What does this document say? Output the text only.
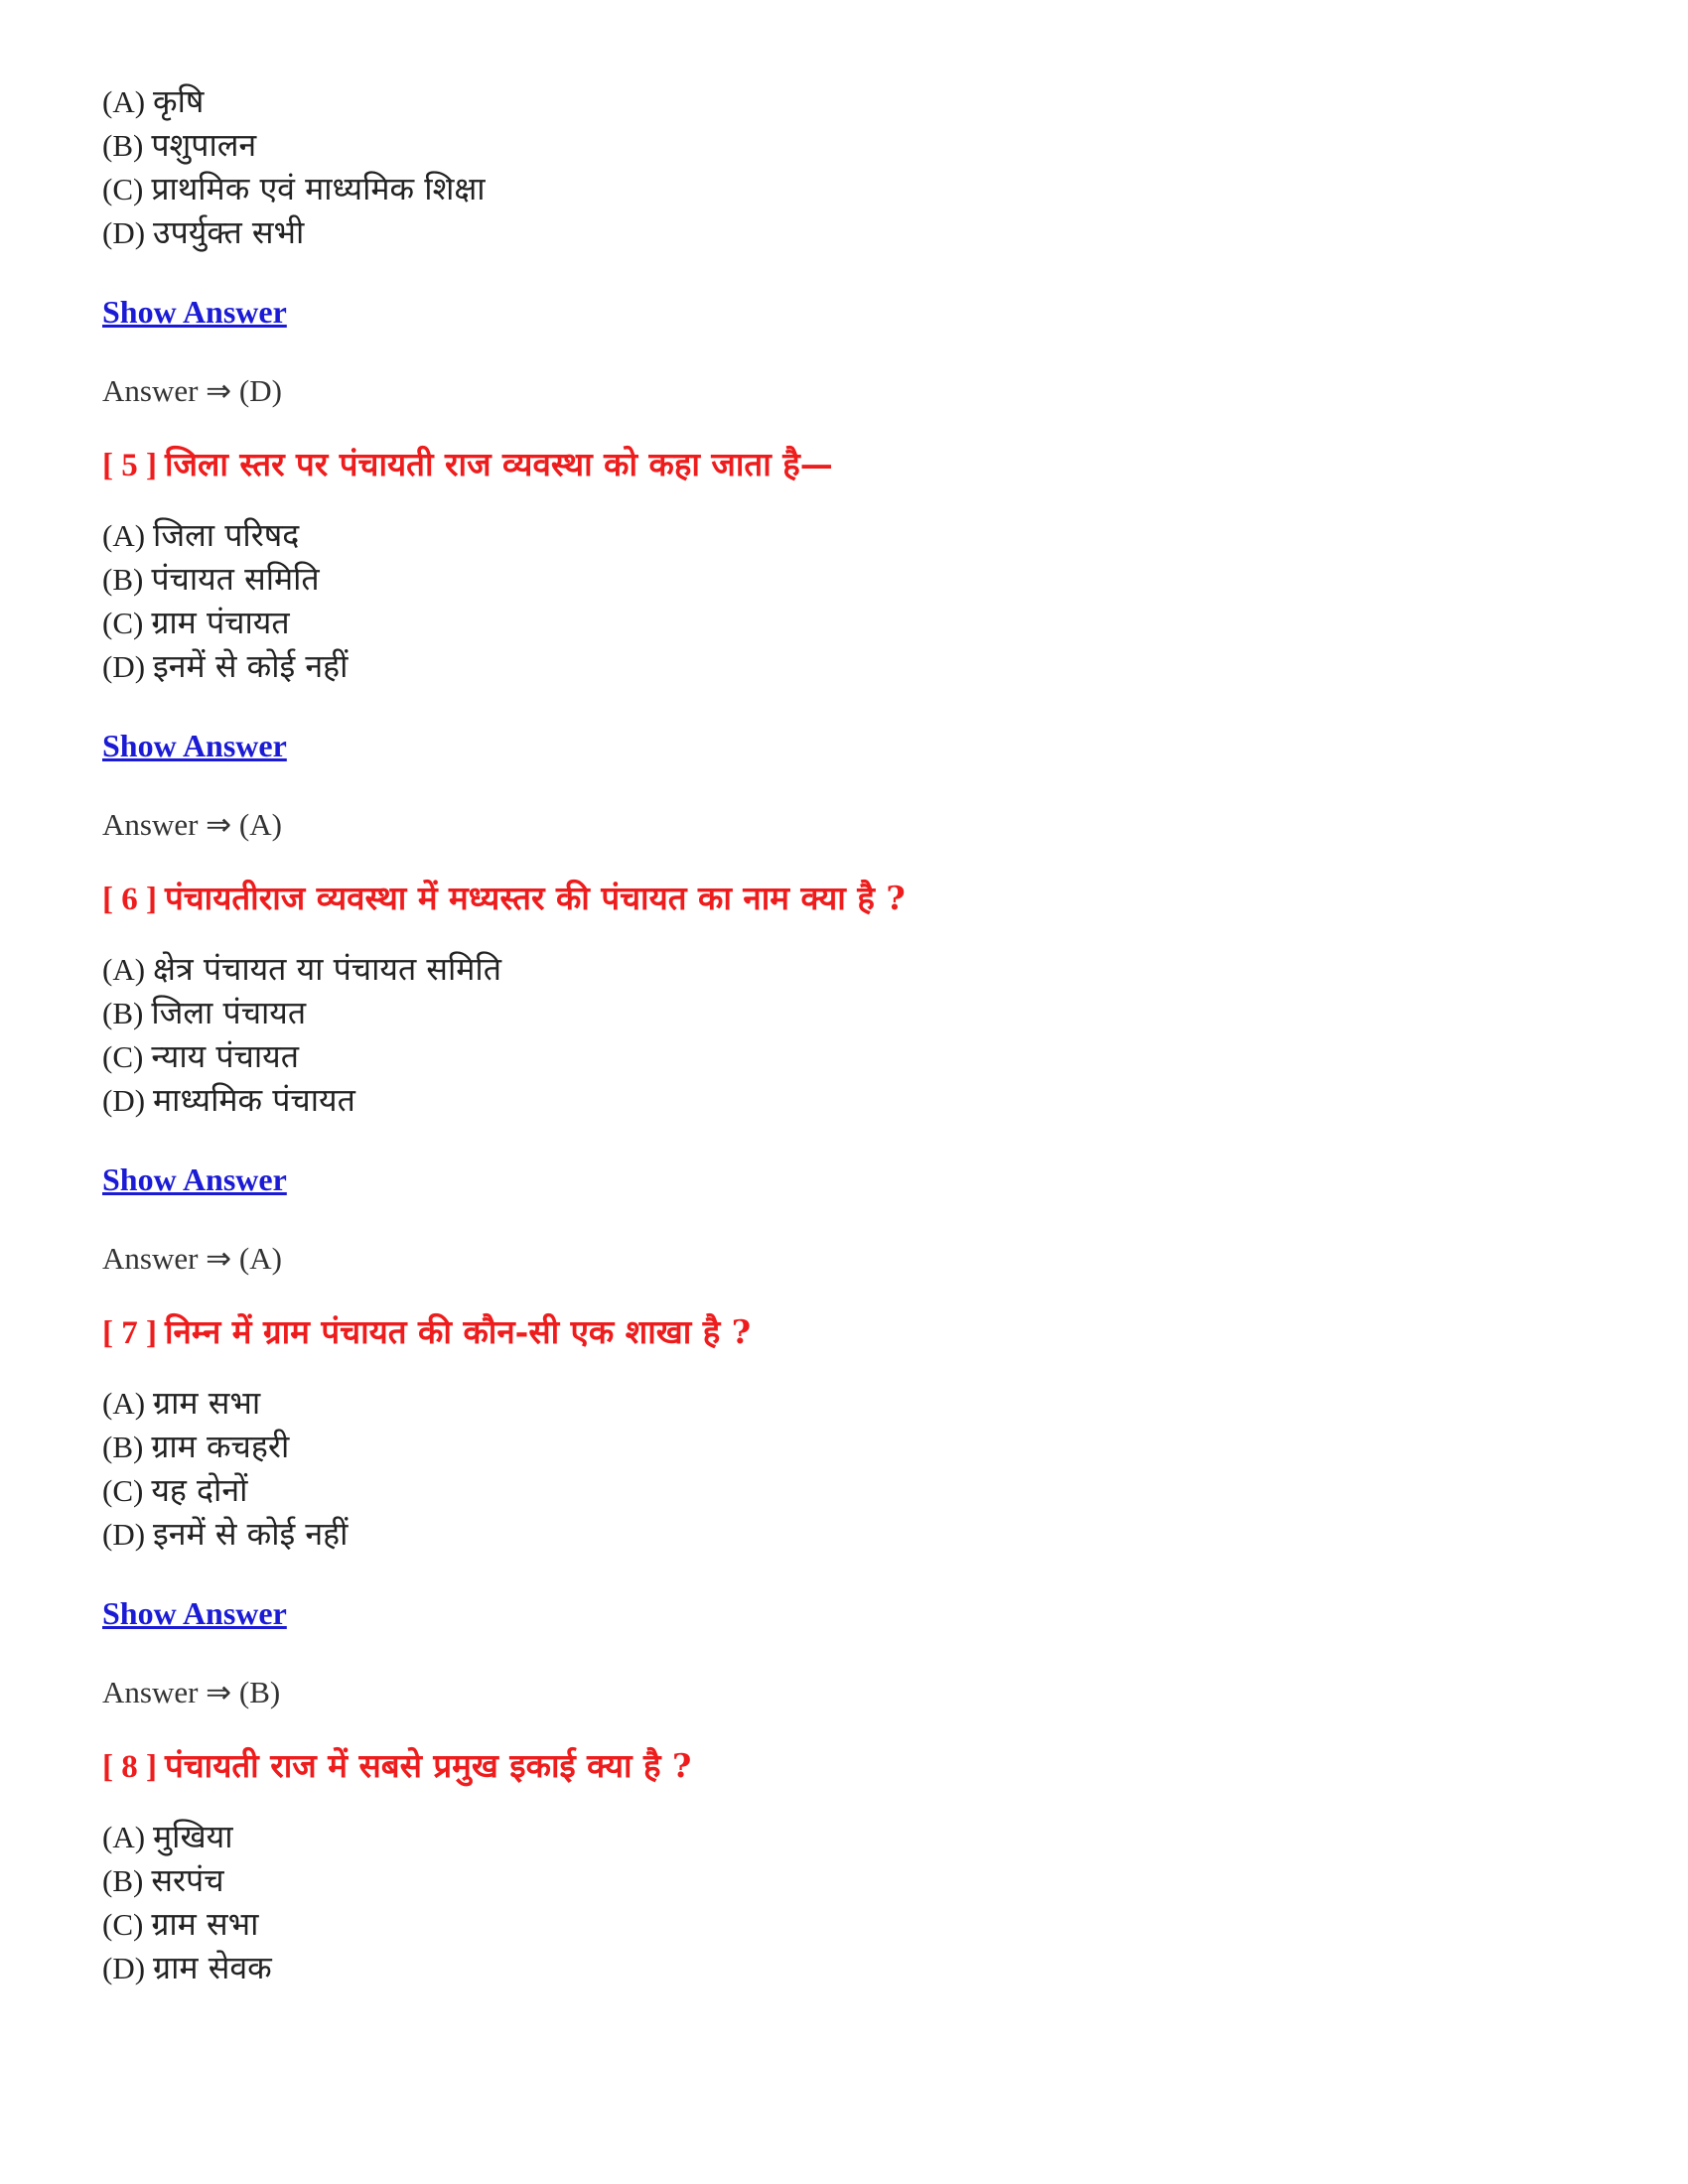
(A) कृषि
(B) पशुपालन
(C) प्राथमिक एवं माध्यमिक शिक्षा
(D) उपर्युक्त सभी
Show Answer
Answer ⇒ (D)
[ 5 ] जिला स्तर पर पंचायती राज व्यवस्था को कहा जाता है—
(A) जिला परिषद
(B) पंचायत समिति
(C) ग्राम पंचायत
(D) इनमें से कोई नहीं
Show Answer
Answer ⇒ (A)
[ 6 ] पंचायतीराज व्यवस्था में मध्यस्तर की पंचायत का नाम क्या है ?
(A) क्षेत्र पंचायत या पंचायत समिति
(B) जिला पंचायत
(C) न्याय पंचायत
(D) माध्यमिक पंचायत
Show Answer
Answer ⇒ (A)
[ 7 ] निम्न में ग्राम पंचायत की कौन-सी एक शाखा है ?
(A) ग्राम सभा
(B) ग्राम कचहरी
(C) यह दोनों
(D) इनमें से कोई नहीं
Show Answer
Answer ⇒ (B)
[ 8 ] पंचायती राज में सबसे प्रमुख इकाई क्या है ?
(A) मुखिया
(B) सरपंच
(C) ग्राम सभा
(D) ग्राम सेवक
